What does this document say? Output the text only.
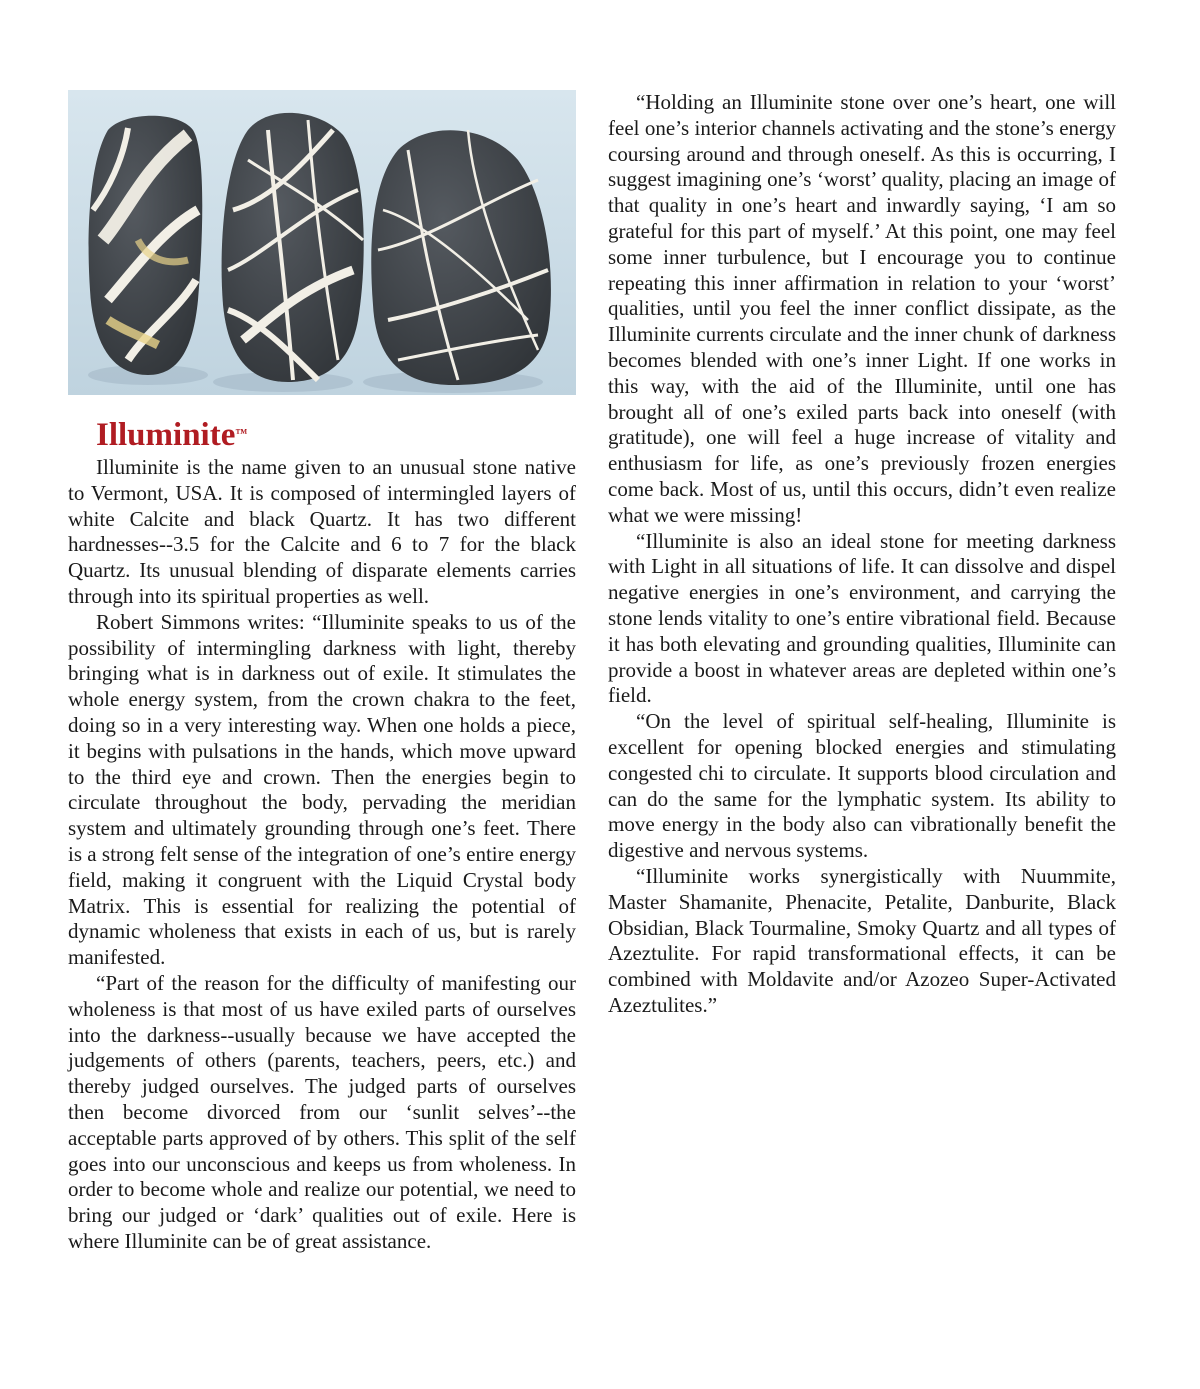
Illuminite™

Illuminite is the name given to an unusual stone native to Vermont, USA. It is composed of intermingled layers of white Calcite and black Quartz. It has two different hardnesses--3.5 for the Calcite and 6 to 7 for the black Quartz. Its unusual blending of disparate elements carries through into its spiritual properties as well.

Robert Simmons writes: “Illuminite speaks to us of the possibility of intermingling darkness with light, thereby bringing what is in darkness out of exile. It stimulates the whole energy system, from the crown chakra to the feet, doing so in a very interesting way. When one holds a piece, it begins with pulsations in the hands, which move upward to the third eye and crown. Then the energies begin to circulate throughout the body, pervading the meridian system and ultimately grounding through one’s feet. There is a strong felt sense of the integration of one’s entire energy field, making it congruent with the Liquid Crystal body Matrix. This is essential for realizing the potential of dynamic wholeness that exists in each of us, but is rarely manifested.

“Part of the reason for the difficulty of manifesting our wholeness is that most of us have exiled parts of ourselves into the darkness--usually because we have accepted the judgements of others (parents, teachers, peers, etc.) and thereby judged ourselves. The judged parts of ourselves then become divorced from our ‘sunlit selves’--the acceptable parts approved of by others. This split of the self goes into our unconscious and keeps us from wholeness. In order to become whole and realize our potential, we need to bring our judged or ‘dark’ qualities out of exile. Here is where Illuminite can be of great assistance.

“Holding an Illuminite stone over one’s heart, one will feel one’s interior channels activating and the stone’s energy coursing around and through oneself. As this is occurring, I suggest imagining one’s ‘worst’ quality, placing an image of that quality in one’s heart and inwardly saying, ‘I am so grateful for this part of myself.’ At this point, one may feel some inner turbulence, but I encourage you to continue repeating this inner affirmation in relation to your ‘worst’ qualities, until you feel the inner conflict dissipate, as the Illuminite currents circulate and the inner chunk of darkness becomes blended with one’s inner Light. If one works in this way, with the aid of the Illuminite, until one has brought all of one’s exiled parts back into oneself (with gratitude), one will feel a huge increase of vitality and enthusiasm for life, as one’s previously frozen energies come back. Most of us, until this occurs, didn’t even realize what we were missing!

“Illuminite is also an ideal stone for meeting darkness with Light in all situations of life. It can dissolve and dispel negative energies in one’s environment, and carrying the stone lends vitality to one’s entire vibrational field. Because it has both elevating and grounding qualities, Illuminite can provide a boost in whatever areas are depleted within one’s field.

“On the level of spiritual self-healing, Illuminite is excellent for opening blocked energies and stimulating congested chi to circulate. It supports blood circulation and can do the same for the lymphatic system. Its ability to move energy in the body also can vibrationally benefit the digestive and nervous systems.

“Illuminite works synergistically with Nuummite, Master Shamanite, Phenacite, Petalite, Danburite, Black Obsidian, Black Tourmaline, Smoky Quartz and all types of Azeztulite. For rapid transformational effects, it can be combined with Moldavite and/or Azozeo Super-Activated Azeztulites.”
